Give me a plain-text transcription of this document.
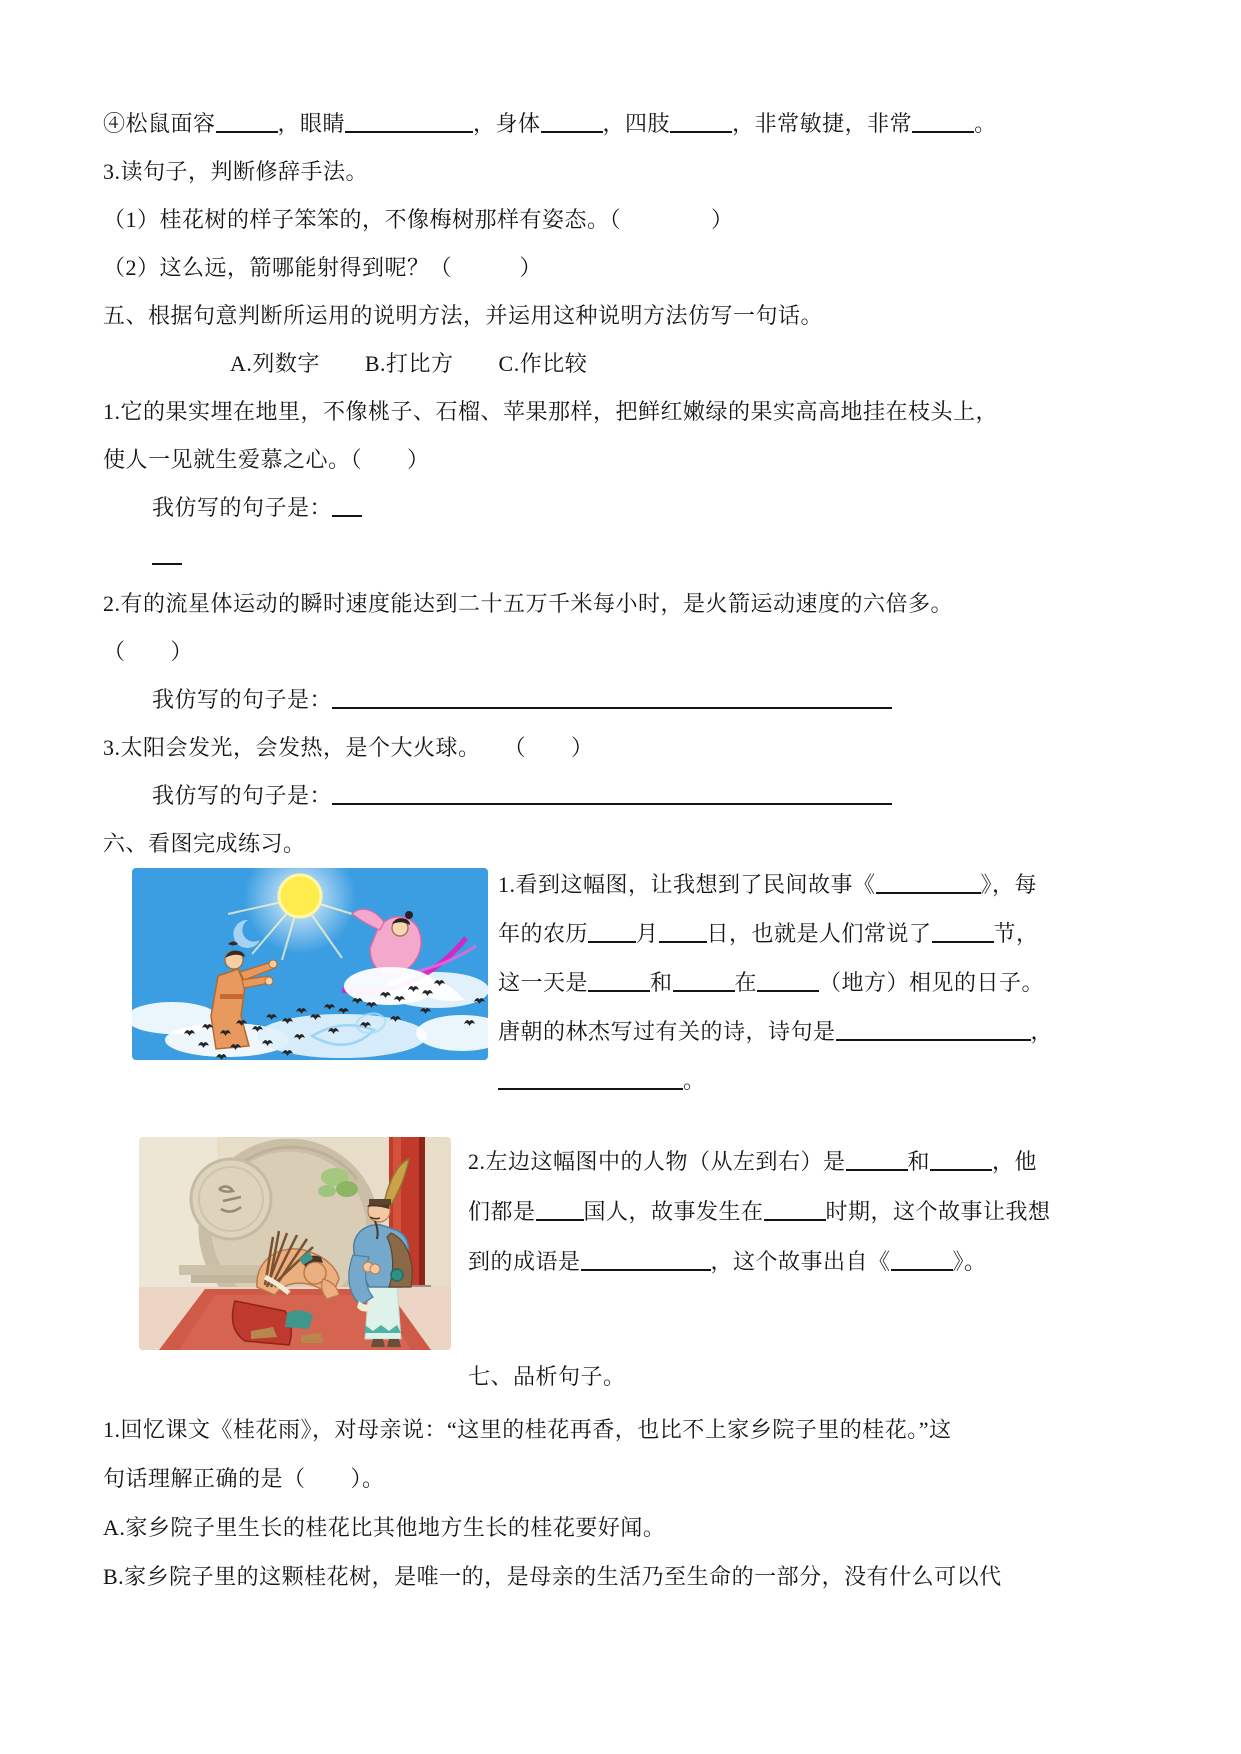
④松鼠面容	，眼睛	，身体	，四肢	，非常敏捷，非常	。
3.读句子，判断修辞手法。
（1）桂花树的样子笨笨的，不像梅树那样有姿态。（　　　　）
（2）这么远，箭哪能射得到呢？（　　　）
五、根据句意判断所运用的说明方法，并运用这种说明方法仿写一句话。
A.列数字　　B.打比方　　C.作比较
1.它的果实埋在地里，不像桃子、石榴、苹果那样，把鲜红嫩绿的果实高高地挂在枝头上，
使人一见就生爱慕之心。（　　）
我仿写的句子是：
2.有的流星体运动的瞬时速度能达到二十五万千米每小时，是火箭运动速度的六倍多。
（　　）
我仿写的句子是：
3.太阳会发光，会发热，是个大火球。　　（　　）
我仿写的句子是：
六、看图完成练习。
1.看到这幅图，让我想到了民间故事《	》，每
年的农历 月 日，也就是人们常说了	节，
这一天是	和	在	（地方）相见的日子。
唐朝的林杰写过有关的诗，诗句是	，
。
2.左边这幅图中的人物（从左到右）是	和	，他
们都是 国人，故事发生在	时期，这个故事让我想
到的成语是	，这个故事出自《	》。
七、品析句子。
1.回忆课文《桂花雨》，对母亲说：“这里的桂花再香，也比不上家乡院子里的桂花。”这
句话理解正确的是（　　）。
A.家乡院子里生长的桂花比其他地方生长的桂花要好闻。
B.家乡院子里的这颗桂花树，是唯一的，是母亲的生活乃至生命的一部分，没有什么可以代
